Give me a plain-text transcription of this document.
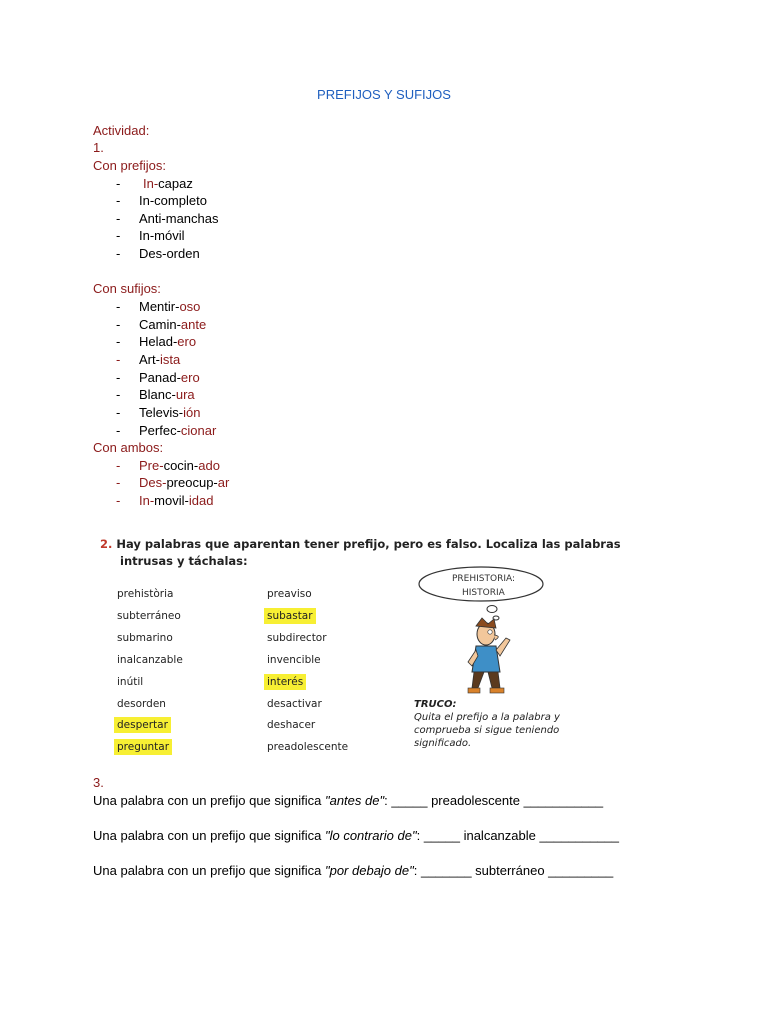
PREFIJOS Y SUFIJOS
Actividad:
1.
Con prefijos:
- In-capaz
- In-completo
- Anti-manchas
- In-móvil
- Des-orden
Con sufijos:
- Mentir-oso
- Camin-ante
- Helad-ero
- Art-ista
- Panad-ero
- Blanc-ura
- Televis-ión
- Perfec-cionar
Con ambos:
- Pre-cocin-ado
- Des-preocup-ar
- In-movil-idad
2. Hay palabras que aparentan tener prefijo, pero es falso. Localiza las palabras
intrusas y táchalas:
prehistòria
subterráneo
submarino
inalcanzable
inútil
desorden
despertar
preguntar
preaviso
subastar
subdirector
invencible
interés
desactivar
deshacer
preadolescente
PREHISTORIA:
HISTORIA
TRUCO:
Quita el prefijo a la palabra y
comprueba si sigue teniendo
significado.
3.
Una palabra con un prefijo que significa "antes de": _____ preadolescente ___________
Una palabra con un prefijo que significa "lo contrario de": _____ inalcanzable ___________
Una palabra con un prefijo que significa "por debajo de": _______ subterráneo _________
